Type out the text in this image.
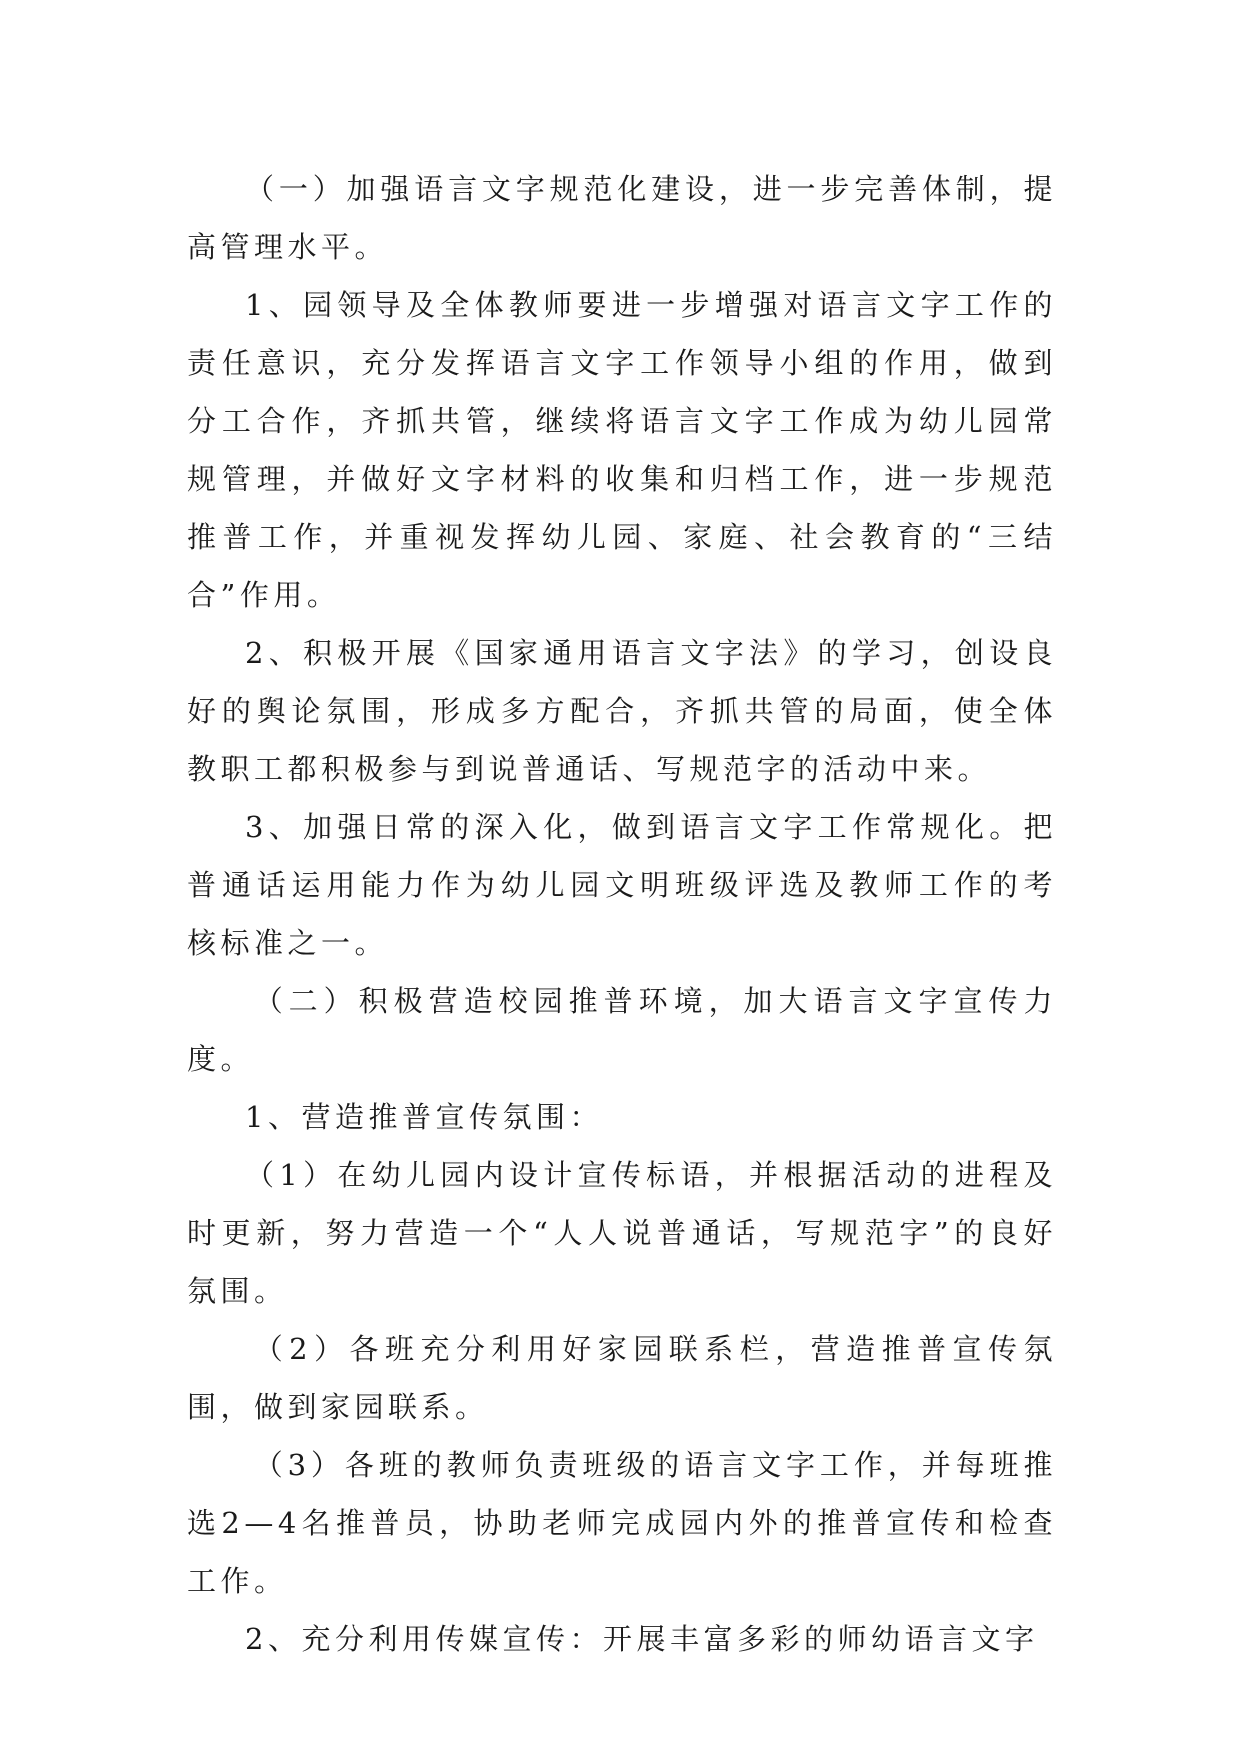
（一）加强语言文字规范化建设，进一步完善体制，提高管理水平。

1、园领导及全体教师要进一步增强对语言文字工作的责任意识，充分发挥语言文字工作领导小组的作用，做到分工合作，齐抓共管，继续将语言文字工作成为幼儿园常规管理，并做好文字材料的收集和归档工作，进一步规范推普工作，并重视发挥幼儿园、家庭、社会教育的“三结合”作用。

2、积极开展《国家通用语言文字法》的学习，创设良好的舆论氛围，形成多方配合，齐抓共管的局面，使全体教职工都积极参与到说普通话、写规范字的活动中来。

3、加强日常的深入化，做到语言文字工作常规化。把普通话运用能力作为幼儿园文明班级评选及教师工作的考核标准之一。

（二）积极营造校园推普环境，加大语言文字宣传力度。

1、营造推普宣传氛围：

（1）在幼儿园内设计宣传标语，并根据活动的进程及时更新，努力营造一个“人人说普通话，写规范字”的良好氛围。

（2）各班充分利用好家园联系栏，营造推普宣传氛围，做到家园联系。

（3）各班的教师负责班级的语言文字工作，并每班推选2—4名推普员，协助老师完成园内外的推普宣传和检查工作。

2、充分利用传媒宣传：开展丰富多彩的师幼语言文字
